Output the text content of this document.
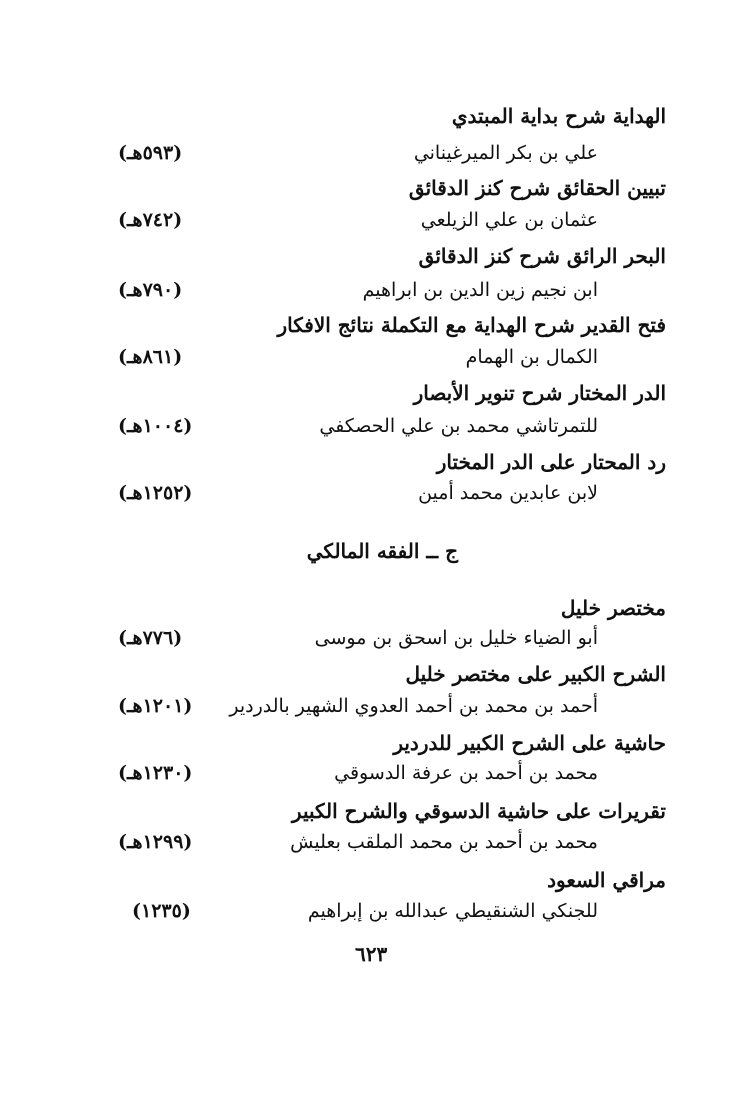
الهداية شرح بداية المبتدي
علي بن بكر الميرغيناني
(٥٩٣هـ)
تبيين الحقائق شرح كنز الدقائق
عثمان بن علي الزيلعي
(٧٤٢هـ)
البحر الرائق شرح كنز الدقائق
ابن نجيم زين الدين بن ابراهيم
(٧٩٠هـ)
فتح القدير شرح الهداية مع التكملة نتائج الافكار
الكمال بن الهمام
(٨٦١هـ)
الدر المختار شرح تنوير الأبصار
للتمرتاشي محمد بن علي الحصكفي
(١٠٠٤هـ)
رد المحتار على الدر المختار
لابن عابدين محمد أمين
(١٢٥٢هـ)
ج ــ الفقه المالكي
مختصر خليل
أبو الضياء خليل بن اسحق بن موسى
(٧٧٦هـ)
الشرح الكبير على مختصر خليل
أحمد بن محمد بن أحمد العدوي الشهير بالدردير
(١٢٠١هـ)
حاشية على الشرح الكبير للدردير
محمد بن أحمد بن عرفة الدسوقي
(١٢٣٠هـ)
تقريرات على حاشية الدسوقي والشرح الكبير
محمد بن أحمد بن محمد الملقب بعليش
(١٢٩٩هـ)
مراقي السعود
للجنكي الشنقيطي عبدالله بن إبراهيم
(١٢٣٥)
٦٢٣
